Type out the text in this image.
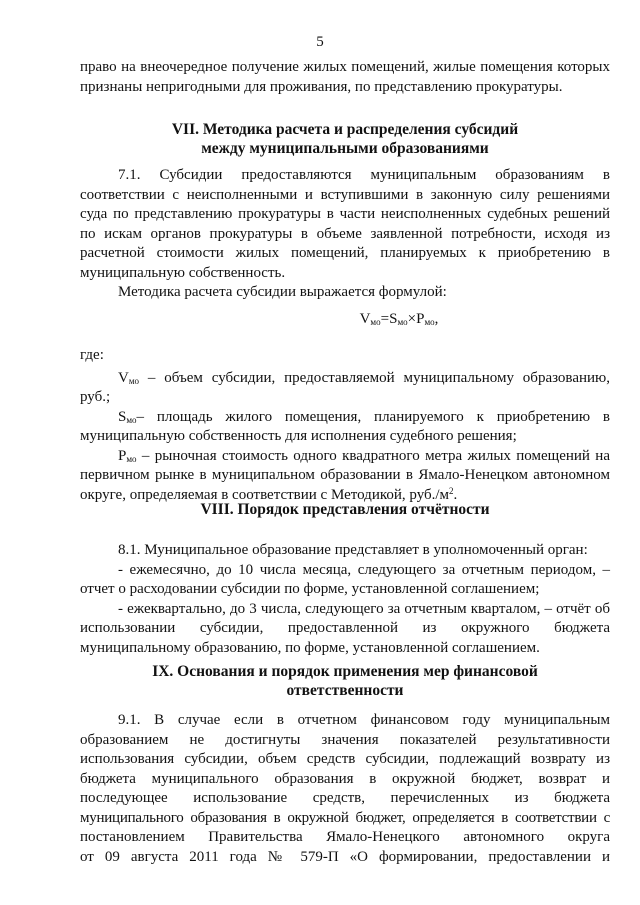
5
право на внеочередное получение жилых помещений, жилые помещения которых
признаны непригодными для проживания, по представлению прокуратуры.
VII. Методика расчета и распределения субсидий
между муниципальными образованиями
7.1. Субсидии предоставляются муниципальным образованиям в
соответствии с неисполненными и вступившими в законную силу решениями
суда по представлению прокуратуры в части неисполненных судебных решений
по искам органов прокуратуры в объеме заявленной потребности, исходя из
расчетной стоимости жилых помещений, планируемых к приобретению в
муниципальную собственность.
Методика расчета субсидии выражается формулой:
$V_{мо}=S_{мо}\times P_{мо}$,
где:
$V_{мо}$ – объем субсидии, предоставляемой муниципальному образованию,
руб.;
$S_{мо}-$ площадь жилого помещения, планируемого к приобретению в
муниципальную собственность для исполнения судебного решения;
$P_{мо}$ – рыночная стоимость одного квадратного метра жилых помещений на
первичном рынке в муниципальном образовании в Ямало-Ненецком автономном
округе, определяемая в соответствии с Методикой, $руб./м^2$.
VIII. Порядок представления отчётности
8.1. Муниципальное образование представляет в уполномоченный орган:
- ежемесячно, до 10 числа месяца, следующего за отчетным периодом, –
отчет о расходовании субсидии по форме, установленной соглашением;
- ежеквартально, до 3 числа, следующего за отчетным кварталом, – отчёт об
использовании субсидии, предоставленной из окружного бюджета
муниципальному образованию, по форме, установленной соглашением.
IX. Основания и порядок применения мер финансовой
ответственности
9.1. В случае если в отчетном финансовом году муниципальным
образованием не достигнуты значения показателей результативности
использования субсидии, объем средств субсидии, подлежащий возврату из
бюджета муниципального образования в окружной бюджет, возврат и
последующее использование средств, перечисленных из бюджета
муниципального образования в окружной бюджет, определяется в соответствии с
постановлением Правительства Ямало-Ненецкого автономного округа
от 09 августа 2011 года № 579-П «О формировании, предоставлении и
